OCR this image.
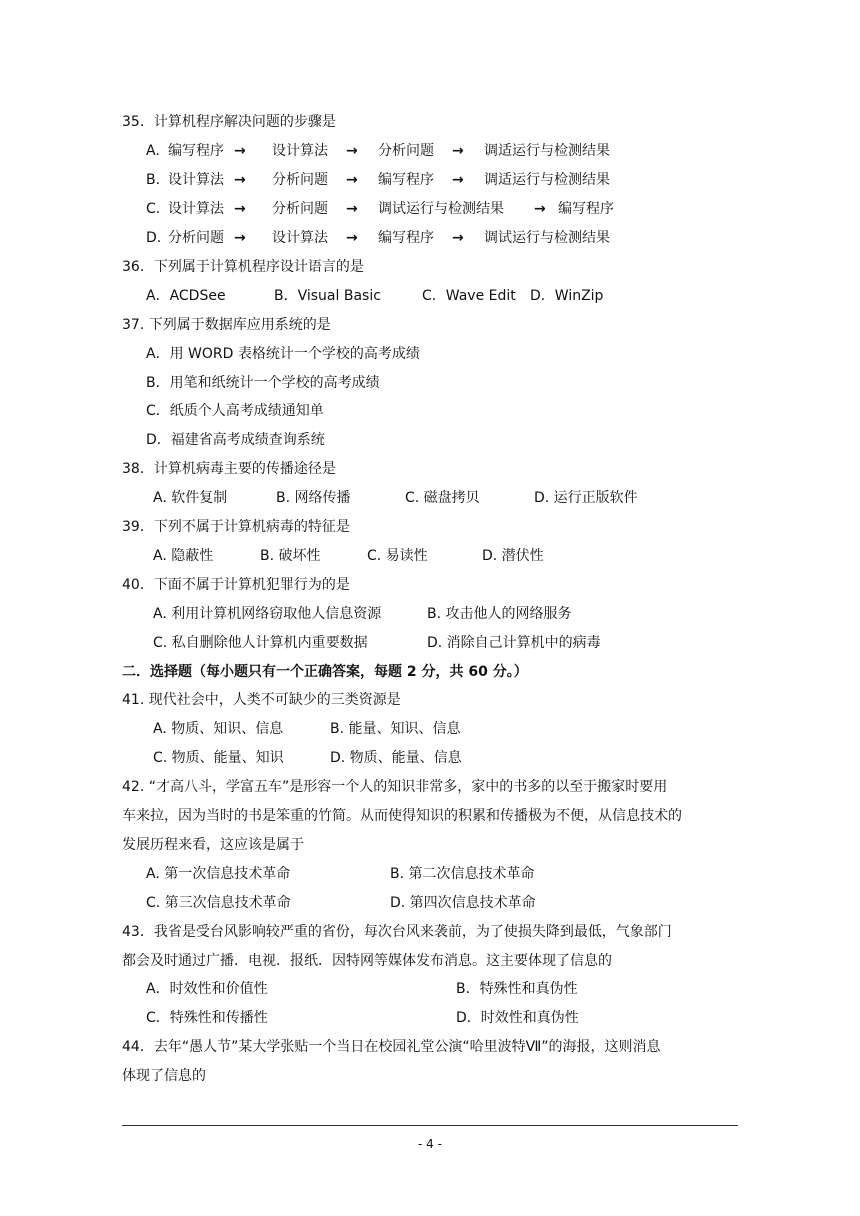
35．计算机程序解决问题的步骤是
A. 编写程序 → 设计算法 → 分析问题 → 调适运行与检测结果
B. 设计算法 → 分析问题 → 编写程序 → 调适运行与检测结果
C. 设计算法 → 分析问题 → 调试运行与检测结果 → 编写程序
D. 分析问题 → 设计算法 → 编写程序 → 调试运行与检测结果
36．下列属于计算机程序设计语言的是
A．ACDSee	B．Visual Basic	C．Wave Edit D．WinZip
37. 下列属于数据库应用系统的是
A．用 WORD 表格统计一个学校的高考成绩
B．用笔和纸统计一个学校的高考成绩
C．纸质个人高考成绩通知单
D．福建省高考成绩查询系统
38．计算机病毒主要的传播途径是
A. 软件复制	B. 网络传播	C. 磁盘拷贝	D. 运行正版软件
39．下列不属于计算机病毒的特征是
A. 隐蔽性	B. 破坏性	C. 易读性	D. 潜伏性
40．下面不属于计算机犯罪行为的是
A. 利用计算机网络窃取他人信息资源	B. 攻击他人的网络服务
C. 私自删除他人计算机内重要数据	D. 消除自己计算机中的病毒
二．选择题（每小题只有一个正确答案，每题 2 分，共 60 分。）
41. 现代社会中，人类不可缺少的三类资源是
A. 物质、知识、信息	B. 能量、知识、信息
C. 物质、能量、知识	D. 物质、能量、信息
42. “才高八斗，学富五车”是形容一个人的知识非常多，家中的书多的以至于搬家时要用
车来拉，因为当时的书是笨重的竹简。从而使得知识的积累和传播极为不便，从信息技术的
发展历程来看，这应该是属于
A. 第一次信息技术革命	B. 第二次信息技术革命
C. 第三次信息技术革命	D. 第四次信息技术革命
43．我省是受台风影响较严重的省份，每次台风来袭前，为了使损失降到最低，气象部门
都会及时通过广播．电视．报纸．因特网等媒体发布消息。这主要体现了信息的
A．时效性和价值性	B．特殊性和真伪性
C．特殊性和传播性	D．时效性和真伪性
44．去年“愚人节”某大学张贴一个当日在校园礼堂公演“哈里波特Ⅶ”的海报，这则消息
体现了信息的
- 4 -
